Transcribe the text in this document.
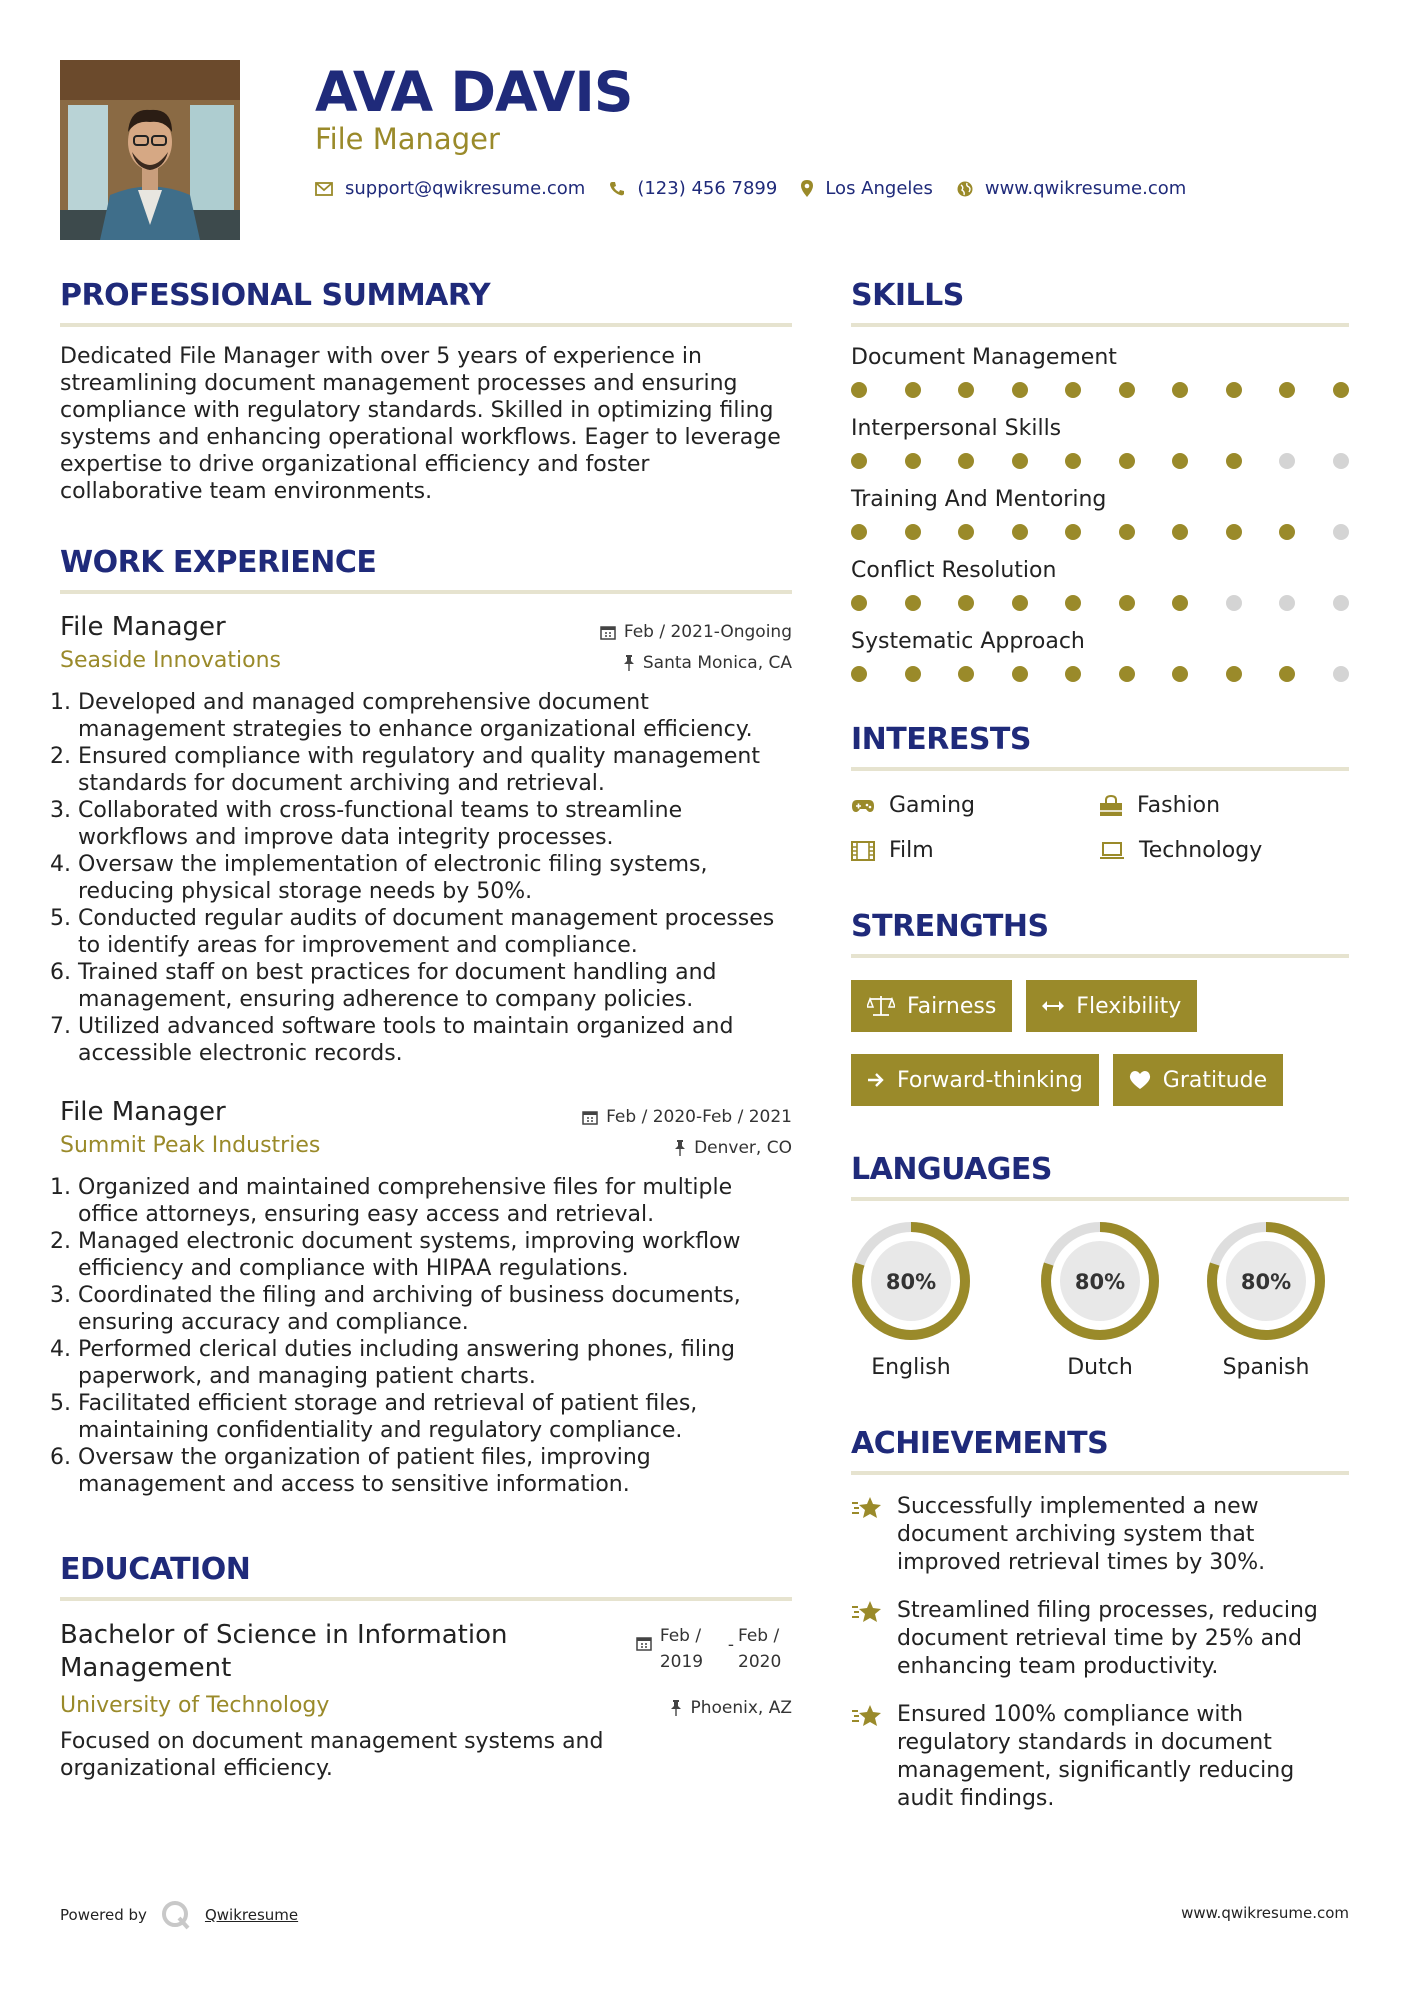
AVA DAVIS
File Manager
support@qwikresume.com	(123) 456 7899	Los Angeles	www.qwikresume.com
PROFESSIONAL SUMMARY
Dedicated File Manager with over 5 years of experience in streamlining document management processes and ensuring compliance with regulatory standards. Skilled in optimizing filing systems and enhancing operational workflows. Eager to leverage expertise to drive organizational efficiency and foster collaborative team environments.
WORK EXPERIENCE
File Manager	Feb / 2021-Ongoing
Seaside Innovations	Santa Monica, CA
1. Developed and managed comprehensive document management strategies to enhance organizational efficiency.
2. Ensured compliance with regulatory and quality management standards for document archiving and retrieval.
3. Collaborated with cross-functional teams to streamline workflows and improve data integrity processes.
4. Oversaw the implementation of electronic filing systems, reducing physical storage needs by 50%.
5. Conducted regular audits of document management processes to identify areas for improvement and compliance.
6. Trained staff on best practices for document handling and management, ensuring adherence to company policies.
7. Utilized advanced software tools to maintain organized and accessible electronic records.
File Manager	Feb / 2020-Feb / 2021
Summit Peak Industries	Denver, CO
1. Organized and maintained comprehensive files for multiple office attorneys, ensuring easy access and retrieval.
2. Managed electronic document systems, improving workflow efficiency and compliance with HIPAA regulations.
3. Coordinated the filing and archiving of business documents, ensuring accuracy and compliance.
4. Performed clerical duties including answering phones, filing paperwork, and managing patient charts.
5. Facilitated efficient storage and retrieval of patient files, maintaining confidentiality and regulatory compliance.
6. Oversaw the organization of patient files, improving management and access to sensitive information.
EDUCATION
Bachelor of Science in Information Management
Feb / 2019
- Feb / 2020
University of Technology	Phoenix, AZ
Focused on document management systems and organizational efficiency.
SKILLS
Document Management
Interpersonal Skills
Training And Mentoring
Conflict Resolution
Systematic Approach
INTERESTS
Gaming	Fashion
Film	Technology
STRENGTHS
Fairness	Flexibility
Forward-thinking	Gratitude
LANGUAGES
80%
English
80%
Dutch
80%
Spanish
ACHIEVEMENTS
Successfully implemented a new document archiving system that improved retrieval times by 30%.
Streamlined filing processes, reducing document retrieval time by 25% and enhancing team productivity.
Ensured 100% compliance with regulatory standards in document management, significantly reducing audit findings.
Powered by	Qwikresume	www.qwikresume.com
